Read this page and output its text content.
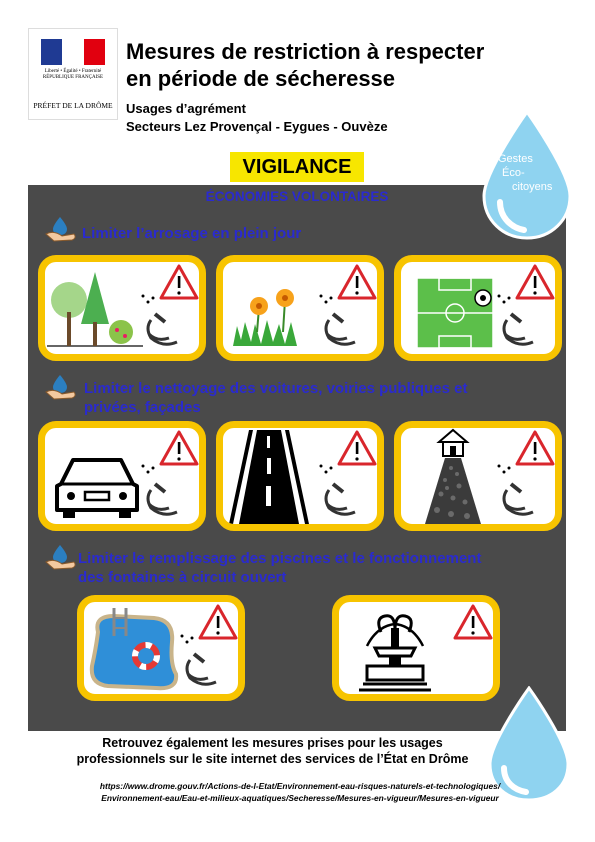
Liberté • Égalité • Fraternité RÉPUBLIQUE FRANÇAISE
PRÉFET DE LA DRÔME
Mesures de restriction à respecter
en période de sécheresse
Usages d’agrément
Secteurs Lez Provençal - Eygues - Ouvèze
Gestes
Éco-
citoyens
VIGILANCE
ÉCONOMIES VOLONTAIRES
Limiter l’arrosage en plein jour
Limiter le nettoyage des voitures, voiries publiques et
privées, façades
Limiter le remplissage des piscines et le fonctionnement
des fontaines à circuit ouvert
Retrouvez également les mesures prises pour les usages
professionnels sur le site internet des services de l’État en Drôme
https://www.drome.gouv.fr/Actions-de-l-Etat/Environnement-eau-risques-naturels-et-technologiques/
Environnement-eau/Eau-et-milieux-aquatiques/Secheresse/Mesures-en-vigueur/Mesures-en-vigueur
